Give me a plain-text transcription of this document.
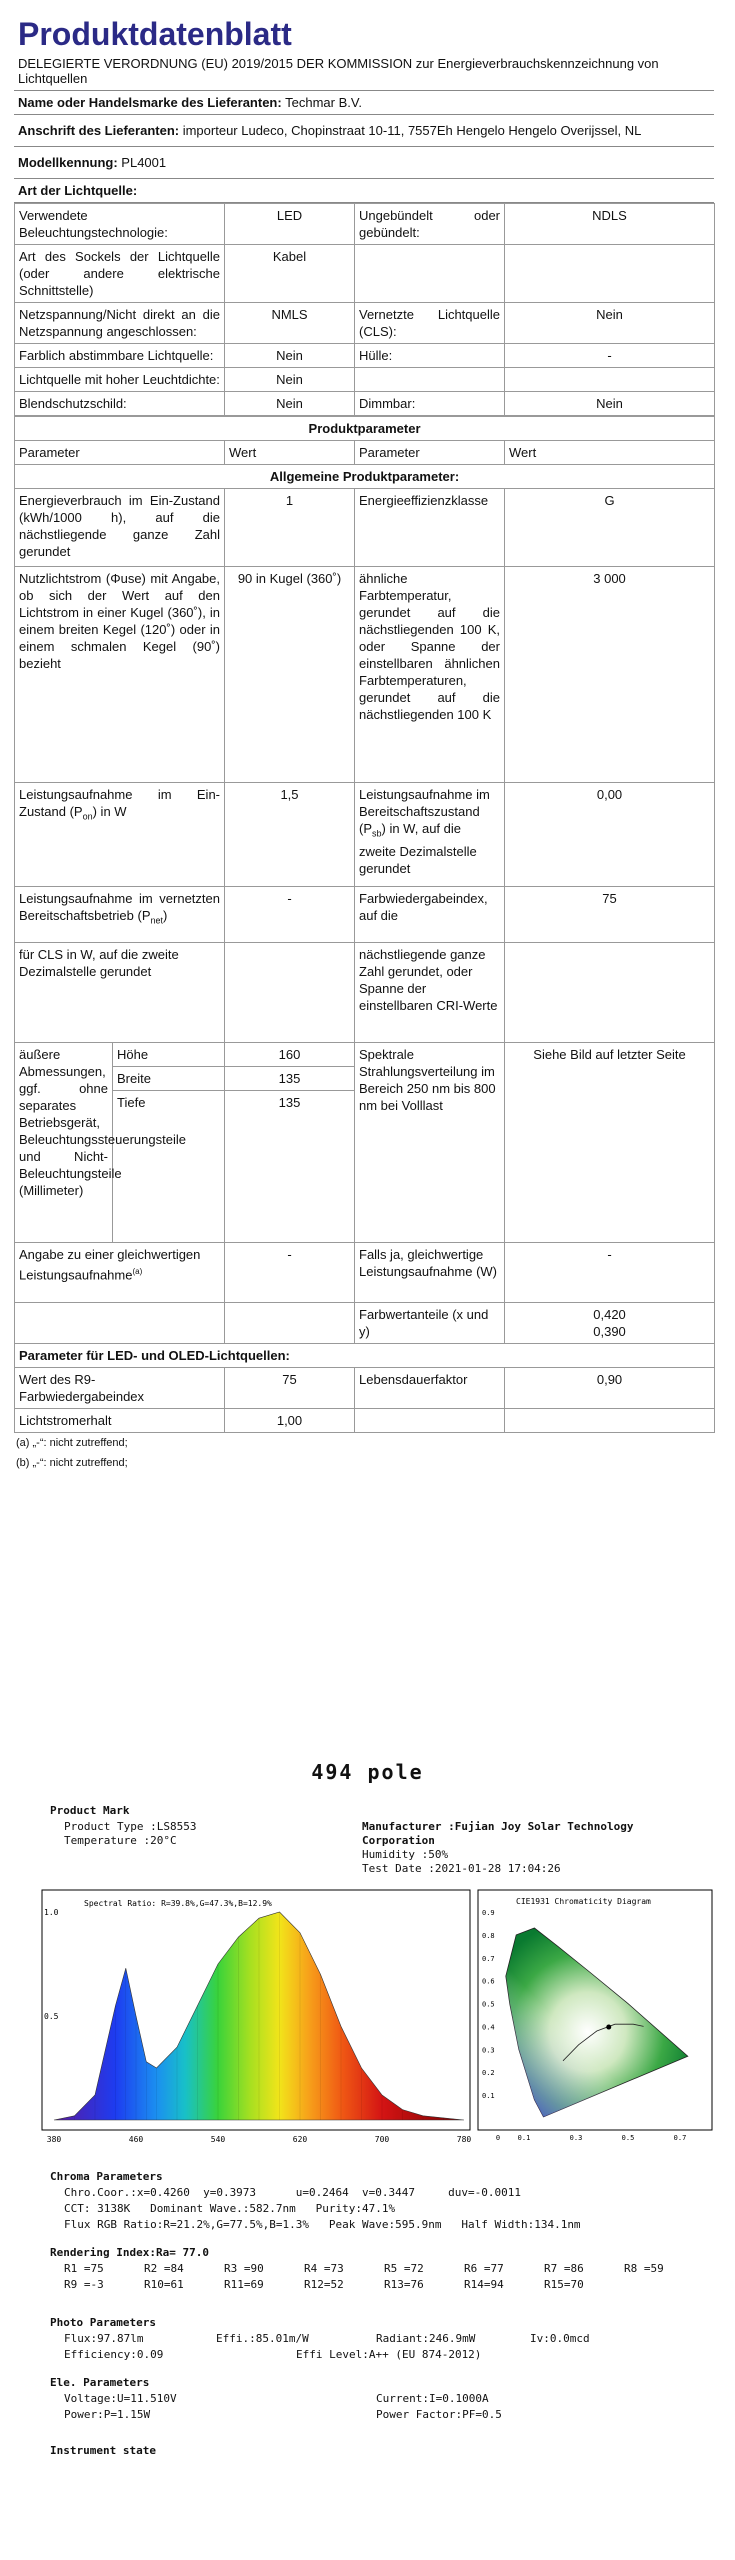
Produktdatenblatt
DELEGIERTE VERORDNUNG (EU) 2019/2015 DER KOMMISSION zur Energieverbrauchskennzeichnung von Lichtquellen
Name oder Handelsmarke des Lieferanten: Techmar B.V.
Anschrift des Lieferanten: importeur Ludeco, Chopinstraat 10-11, 7557Eh Hengelo Hengelo Overijssel, NL
Modellkennung: PL4001
Art der Lichtquelle:
Verwendete Beleuchtungstechnologie:	LED	Ungebündelt oder gebündelt:	NDLS
Art des Sockels der Lichtquelle (oder andere elektrische Schnittstelle)	Kabel		
Netzspannung/Nicht direkt an die Netzspannung angeschlossen:	NMLS	Vernetzte Lichtquelle (CLS):	Nein
Farblich abstimmbare Lichtquelle:	Nein	Hülle:	-
Lichtquelle mit hoher Leuchtdichte:	Nein		
Blendschutzschild:	Nein	Dimmbar:	Nein
Produktparameter				
Parameter		Wert	Parameter	Wert
Allgemeine Produktparameter:				
Energieverbrauch im Ein-Zustand (kWh/1000 h), auf die nächstliegende ganze Zahl gerundet		1	Energieeffizienzklasse	G
Nutzlichtstrom (Φuse) mit Angabe, ob sich der Wert auf den Lichtstrom in einer Kugel (360˚), in einem breiten Kegel (120˚) oder in einem schmalen Kegel (90˚) bezieht		90 in Kugel (360˚)	ähnliche Farbtemperatur, gerundet auf die nächstliegenden 100 K, oder Spanne der einstellbaren ähnlichen Farbtemperaturen, gerundet auf die nächstliegenden 100 K	3 000
Leistungsaufnahme im Ein-Zustand $(P_{on})$ in W		1,5	Leistungsaufnahme im Bereitschaftszustand $(P_{sb})$ in W, auf die zweite Dezimalstelle gerundet	0,00
Leistungsaufnahme im vernetzten Bereitschaftsbetrieb $(P_{net})$		-	Farbwiedergabeindex, auf die	75
für CLS in W, auf die zweite Dezimalstelle gerundet			nächstliegende ganze Zahl gerundet, oder Spanne der einstellbaren CRI-Werte	
äußere Abmessungen, ggf. ohne separates Betriebsgerät, Beleuchtungssteuerungsteile und Nicht-Beleuchtungsteile (Millimeter)	Höhe	160	Spektrale Strahlungsverteilung im Bereich 250 nm bis 800 nm bei Volllast	Siehe Bild auf letzter Seite
	Breite	135		
	Tiefe	135		
Angabe zu einer gleichwertigen Leistungsaufnahme$^{(a)}$		-	Falls ja, gleichwertige Leistungsaufnahme (W)	-
			Farbwertanteile (x und y)	0,420
0,390

Parameter für LED- und OLED-Lichtquellen:				
Wert des R9-Farbwiedergabeindex		75	Lebensdauerfaktor	0,90
Lichtstromerhalt		1,00		
(a) „-“: nicht zutreffend;
(b) „-“: nicht zutreffend;
494 pole
Product Mark
Product Type :LS8553
Temperature :20°C
Manufacturer :Fujian Joy Solar Technology
Corporation
Humidity :50%
Test Date :2021-01-28 17:04:26
380	460	540	620	700	780
1.0
0.5
Spectral Ratio: R=39.8%,G=47.3%,B=12.9%
0	0.1	0.3	0.5	0.7
0.9
0.8
0.7
0.6
0.5
0.4
0.3
0.2
0.1
CIE1931 Chromaticity Diagram
Chroma Parameters
Chro.Coor.:x=0.4260  y=0.3973      u=0.2464  v=0.3447     duv=-0.0011
CCT: 3138K   Dominant Wave.:582.7nm   Purity:47.1%
Flux RGB Ratio:R=21.2%,G=77.5%,B=1.3%   Peak Wave:595.9nm   Half Width:134.1nm
Rendering Index:Ra= 77.0
R1 =75	R2 =84	R3 =90	R4 =73	R5 =72	R6 =77	R7 =86	R8 =59
R9 =-3	R10=61	R11=69	R12=52	R13=76	R14=94	R15=70
Photo Parameters
Flux:97.87lm	Effi.:85.01m/W	Radiant:246.9mW	Iv:0.0mcd
Efficiency:0.09	Effi Level:A++ (EU 874-2012)
Ele. Parameters
Voltage:U=11.510V	Current:I=0.1000A
Power:P=1.15W	Power Factor:PF=0.5
Instrument state
